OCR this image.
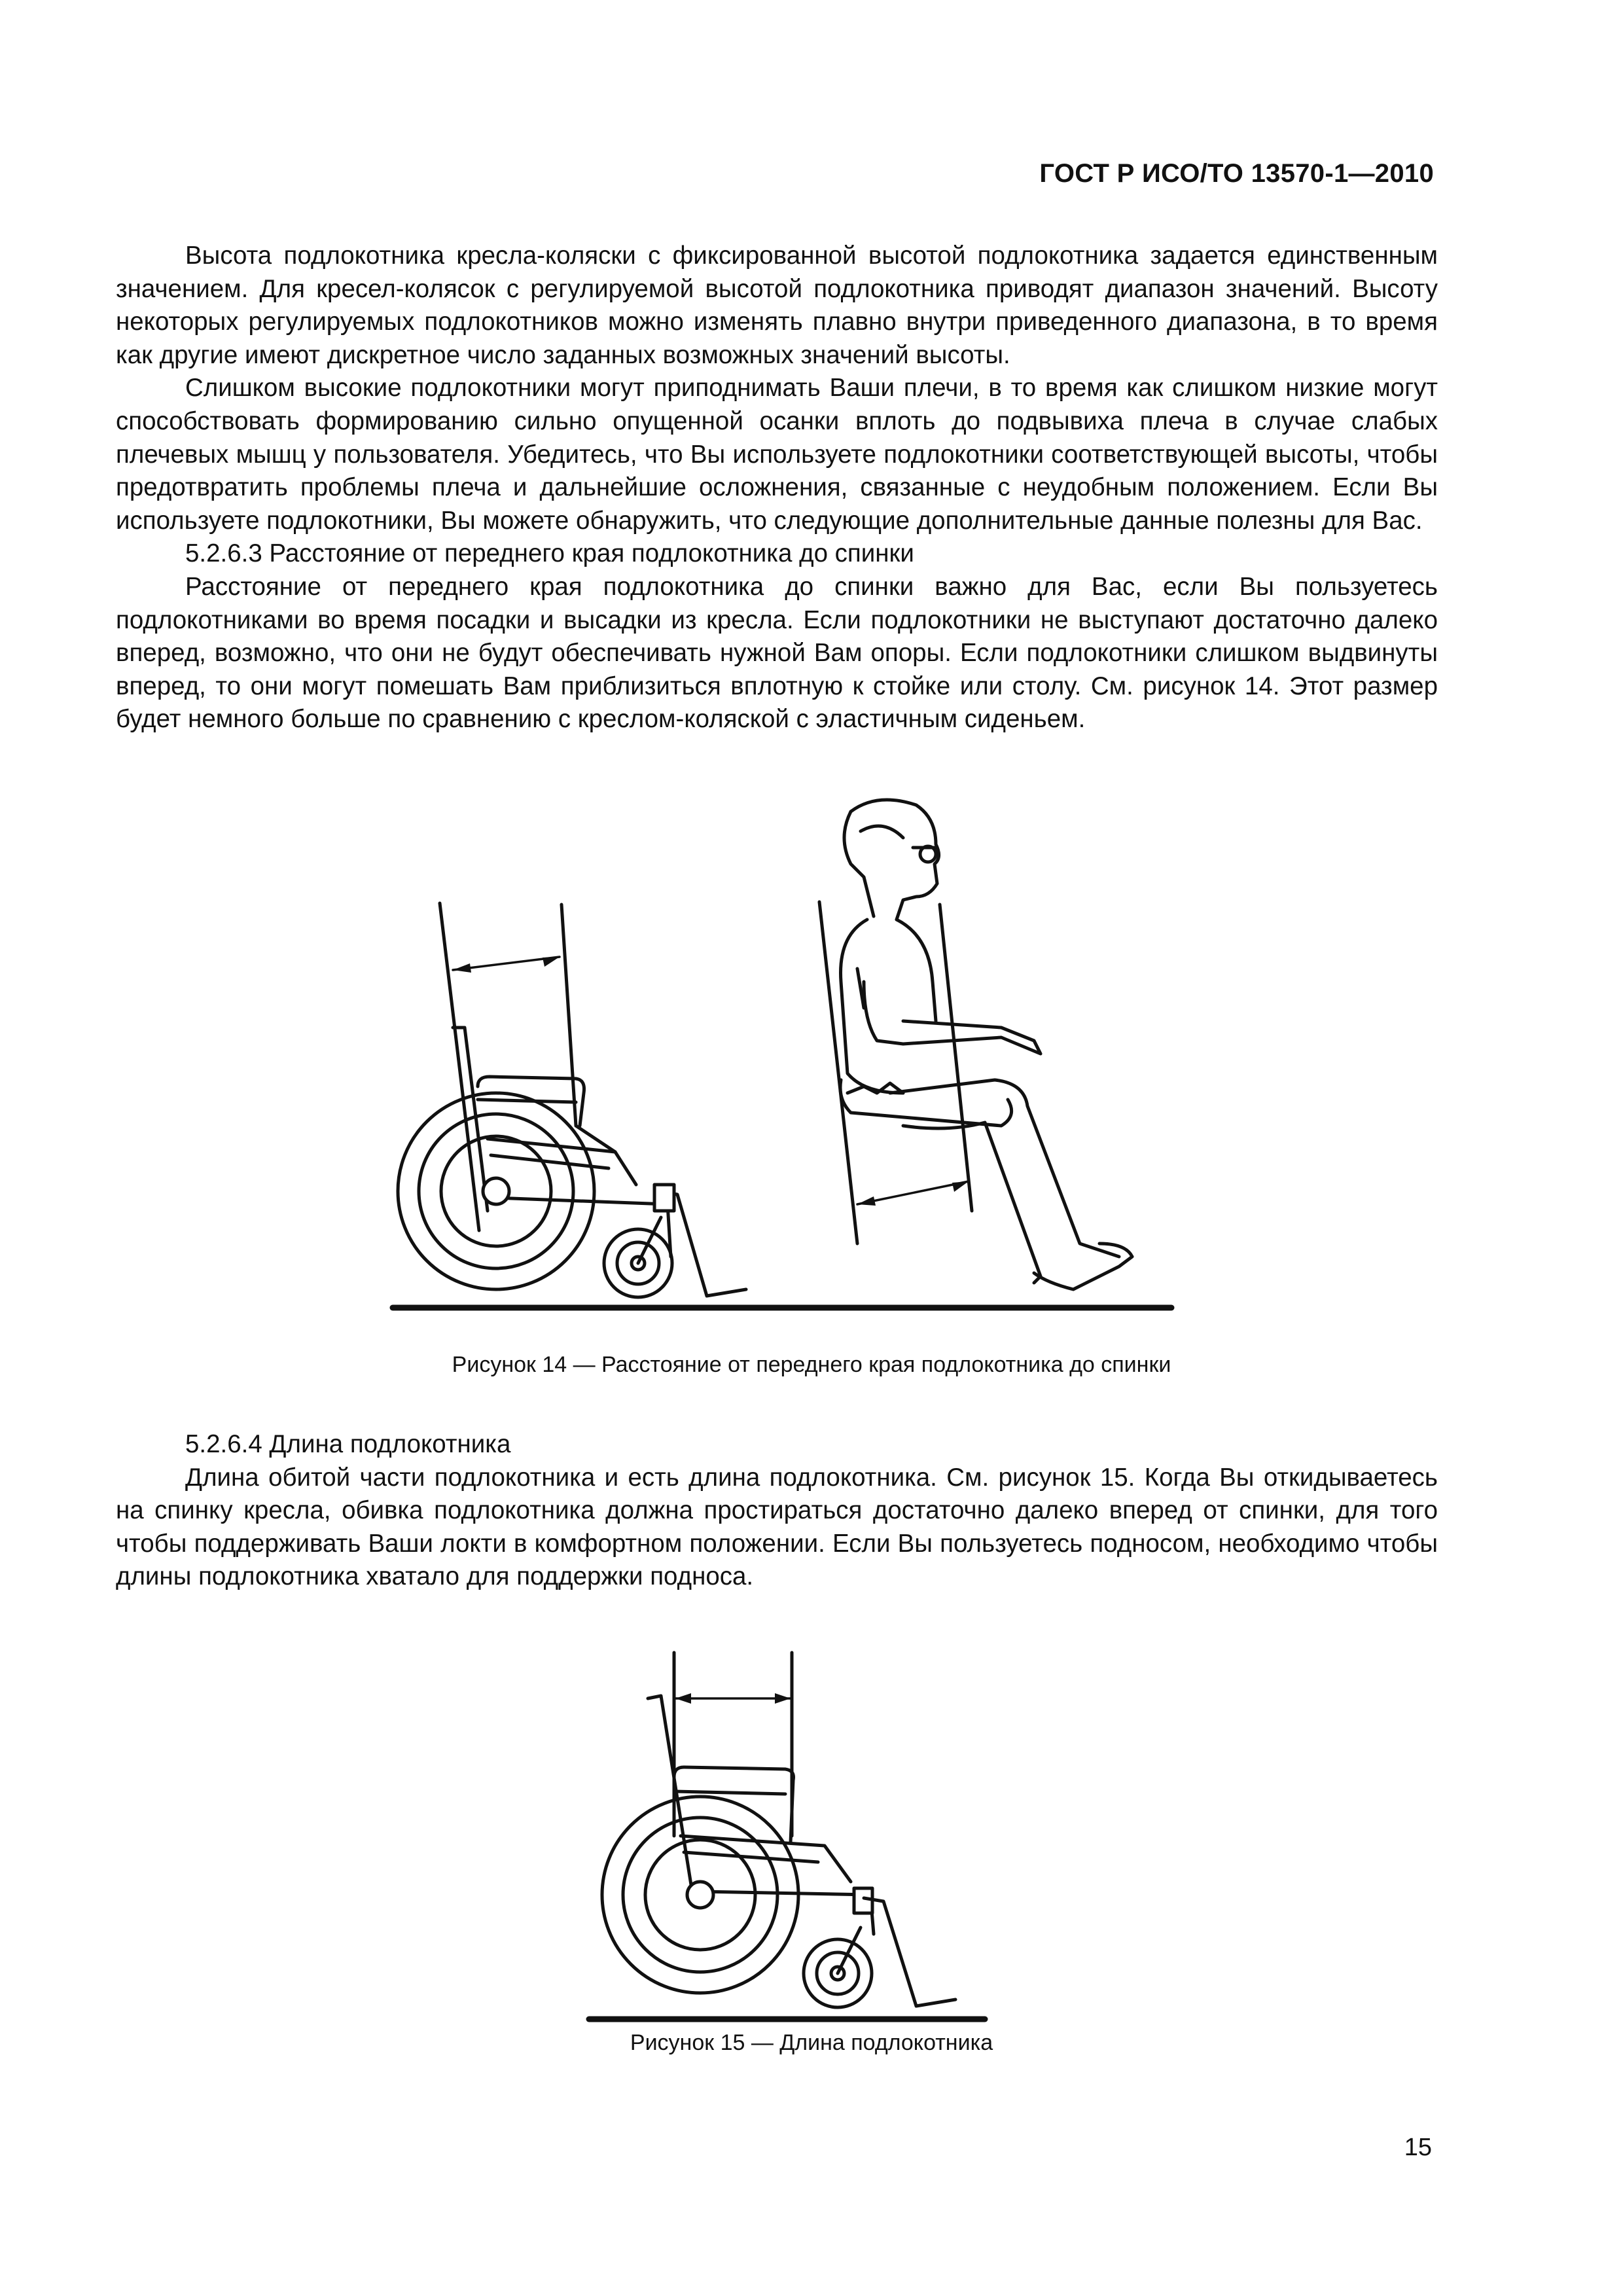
ГОСТ Р ИСО/ТО 13570-1—2010

Высота подлокотника кресла-коляски с фиксированной высотой подлокотника задается единственным значением. Для кресел-колясок с регулируемой высотой подлокотника приводят диапазон значений. Высоту некоторых регулируемых подлокотников можно изменять плавно внутри приведенного диапазона, в то время как другие имеют дискретное число заданных возможных значений высоты.

Слишком высокие подлокотники могут приподнимать Ваши плечи, в то время как слишком низкие могут способствовать формированию сильно опущенной осанки вплоть до подвывиха плеча в случае слабых плечевых мышц у пользователя. Убедитесь, что Вы используете подлокотники соответствующей высоты, чтобы предотвратить проблемы плеча и дальнейшие осложнения, связанные с неудобным положением. Если Вы используете подлокотники, Вы можете обнаружить, что следующие дополнительные данные полезны для Вас.

5.2.6.3 Расстояние от переднего края подлокотника до спинки

Расстояние от переднего края подлокотника до спинки важно для Вас, если Вы пользуетесь подлокотниками во время посадки и высадки из кресла. Если подлокотники не выступают достаточно далеко вперед, возможно, что они не будут обеспечивать нужной Вам опоры. Если подлокотники слишком выдвинуты вперед, то они могут помешать Вам приблизиться вплотную к стойке или столу. См. рисунок 14. Этот размер будет немного больше по сравнению с креслом-коляской с эластичным сиденьем.

Рисунок 14 — Расстояние от переднего края подлокотника до спинки

5.2.6.4 Длина подлокотника

Длина обитой части подлокотника и есть длина подлокотника. См. рисунок 15. Когда Вы откидываетесь на спинку кресла, обивка подлокотника должна простираться достаточно далеко вперед от спинки, для того чтобы поддерживать Ваши локти в комфортном положении. Если Вы пользуетесь подносом, необходимо чтобы длины подлокотника хватало для поддержки подноса.

Рисунок 15 — Длина подлокотника
15
